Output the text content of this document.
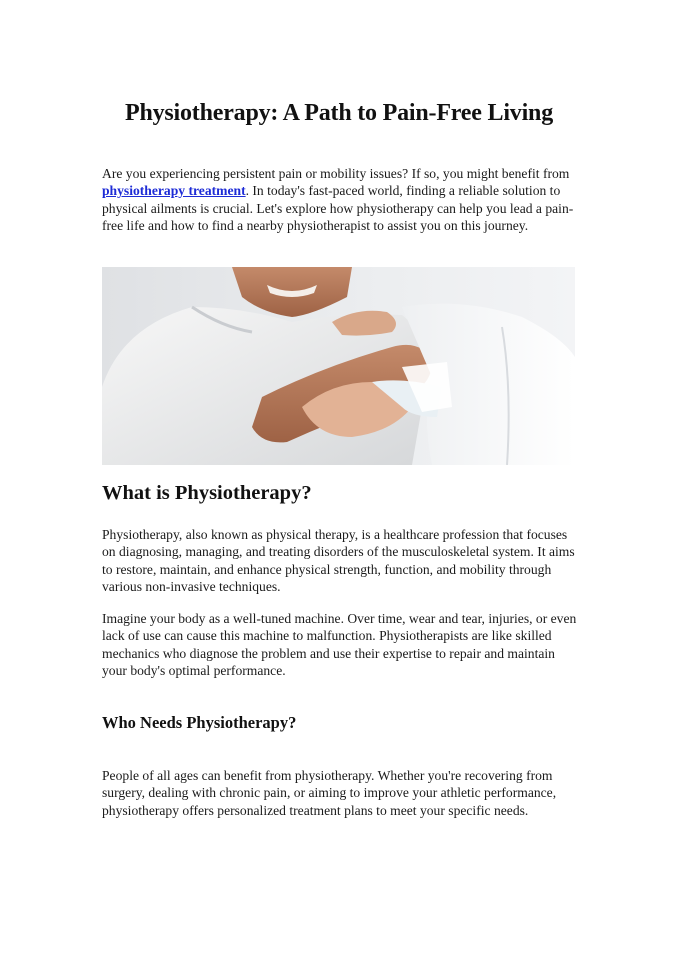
Physiotherapy: A Path to Pain-Free Living

Are you experiencing persistent pain or mobility issues? If so, you might benefit from physiotherapy treatment. In today's fast-paced world, finding a reliable solution to physical ailments is crucial. Let's explore how physiotherapy can help you lead a pain-free life and how to find a nearby physiotherapist to assist you on this journey.

What is Physiotherapy?

Physiotherapy, also known as physical therapy, is a healthcare profession that focuses on diagnosing, managing, and treating disorders of the musculoskeletal system. It aims to restore, maintain, and enhance physical strength, function, and mobility through various non-invasive techniques.

Imagine your body as a well-tuned machine. Over time, wear and tear, injuries, or even lack of use can cause this machine to malfunction. Physiotherapists are like skilled mechanics who diagnose the problem and use their expertise to repair and maintain your body's optimal performance.

Who Needs Physiotherapy?

People of all ages can benefit from physiotherapy. Whether you're recovering from surgery, dealing with chronic pain, or aiming to improve your athletic performance, physiotherapy offers personalized treatment plans to meet your specific needs.
